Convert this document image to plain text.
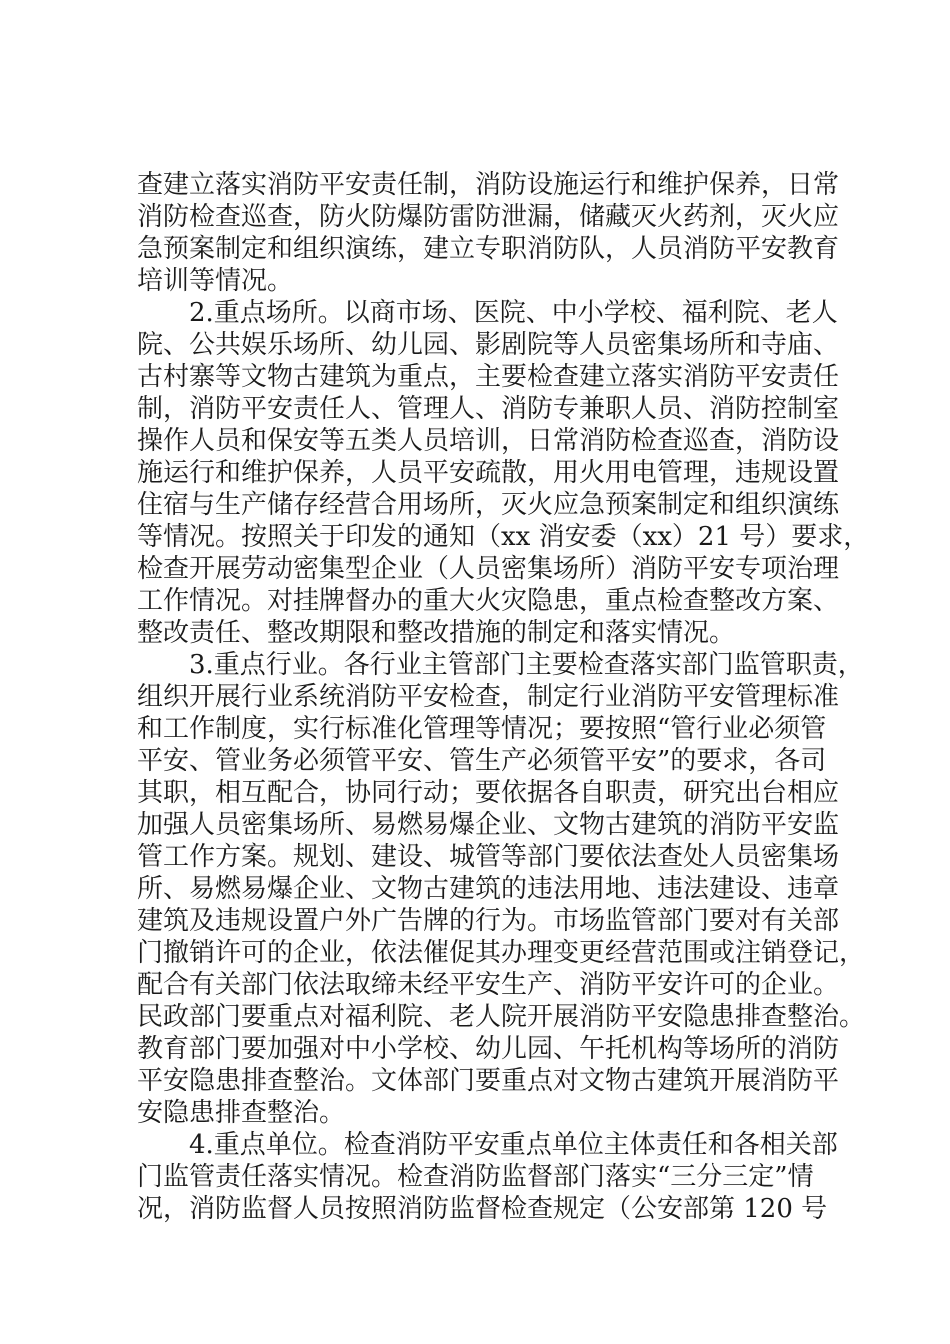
查建立落实消防平安责任制，消防设施运行和维护保养，日常
消防检查巡查，防火防爆防雷防泄漏，储藏灭火药剂，灭火应
急预案制定和组织演练，建立专职消防队，人员消防平安教育
培训等情况。
2.重点场所。以商市场、医院、中小学校、福利院、老人
院、公共娱乐场所、幼儿园、影剧院等人员密集场所和寺庙、
古村寨等文物古建筑为重点，主要检查建立落实消防平安责任
制，消防平安责任人、管理人、消防专兼职人员、消防控制室
操作人员和保安等五类人员培训，日常消防检查巡查，消防设
施运行和维护保养，人员平安疏散，用火用电管理，违规设置
住宿与生产储存经营合用场所，灭火应急预案制定和组织演练
等情况。按照关于印发的通知（xx 消安委（xx）21 号）要求，
检查开展劳动密集型企业（人员密集场所）消防平安专项治理
工作情况。对挂牌督办的重大火灾隐患，重点检查整改方案、
整改责任、整改期限和整改措施的制定和落实情况。
3.重点行业。各行业主管部门主要检查落实部门监管职责，
组织开展行业系统消防平安检查，制定行业消防平安管理标准
和工作制度，实行标准化管理等情况；要按照“管行业必须管
平安、管业务必须管平安、管生产必须管平安”的要求，各司
其职，相互配合，协同行动；要依据各自职责，研究出台相应
加强人员密集场所、易燃易爆企业、文物古建筑的消防平安监
管工作方案。规划、建设、城管等部门要依法查处人员密集场
所、易燃易爆企业、文物古建筑的违法用地、违法建设、违章
建筑及违规设置户外广告牌的行为。市场监管部门要对有关部
门撤销许可的企业，依法催促其办理变更经营范围或注销登记，
配合有关部门依法取缔未经平安生产、消防平安许可的企业。
民政部门要重点对福利院、老人院开展消防平安隐患排查整治。
教育部门要加强对中小学校、幼儿园、午托机构等场所的消防
平安隐患排查整治。文体部门要重点对文物古建筑开展消防平
安隐患排查整治。
4.重点单位。检查消防平安重点单位主体责任和各相关部
门监管责任落实情况。检查消防监督部门落实“三分三定”情
况，消防监督人员按照消防监督检查规定（公安部第 120 号
